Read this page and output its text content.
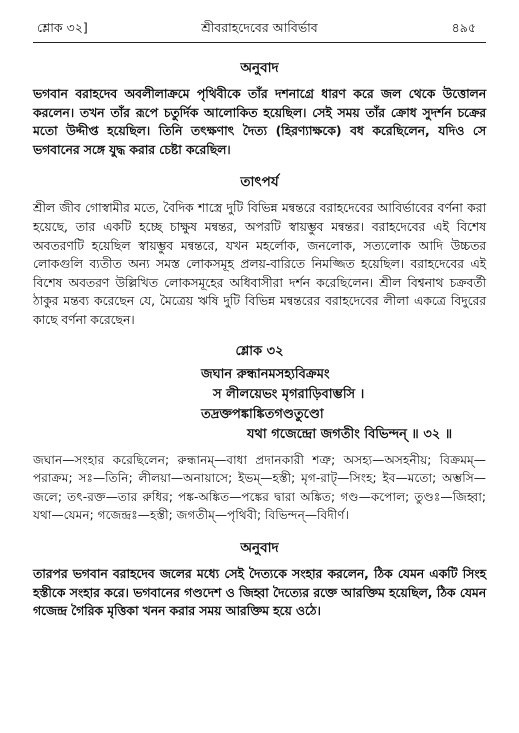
শ্লোক ৩২]	শ্রীবরাহদেবের আবির্ভাব	৪৯৫
অনুবাদ

ভগবান বরাহদেব অবলীলাক্রমে পৃথিবীকে তাঁর দশনাগ্রে ধারণ করে জল থেকে উত্তোলন করলেন। তখন তাঁর রূপে চতুর্দিক আলোকিত হয়েছিল। সেই সময় তাঁর ক্রোধ সুদর্শন চক্রের মতো উদ্দীপ্ত হয়েছিল। তিনি তৎক্ষণাৎ দৈত্য (হিরণ্যাক্ষকে) বধ করেছিলেন, যদিও সে ভগবানের সঙ্গে যুদ্ধ করার চেষ্টা করেছিল।

তাৎপর্য

শ্রীল জীব গোস্বামীর মতে, বৈদিক শাস্ত্রে দুটি বিভিন্ন মন্বন্তরে বরাহদেবের আবির্ভাবের বর্ণনা করা হয়েছে, তার একটি হচ্ছে চাক্ষুষ মন্বন্তর, অপরটি স্বায়ম্ভুব মন্বন্তর। বরাহদেবের এই বিশেষ অবতরণটি হয়েছিল স্বায়ম্ভুব মন্বন্তরে, যখন মহর্লোক, জনলোক, সত্যলোক আদি উচ্চতর লোকগুলি ব্যতীত অন্য সমস্ত লোকসমূহ প্রলয়-বারিতে নিমজ্জিত হয়েছিল। বরাহদেবের এই বিশেষ অবতরণ উল্লিখিত লোকসমূহের অধিবাসীরা দর্শন করেছিলেন। শ্রীল বিশ্বনাথ চক্রবর্তী ঠাকুর মন্তব্য করেছেন যে, মৈত্রেয় ঋষি দুটি বিভিন্ন মন্বন্তরের বরাহদেবের লীলা একত্রে বিদুরের কাছে বর্ণনা করেছেন।

শ্লোক ৩২

জঘান রুন্ধানমসহ্যবিক্রমং

স লীলয়েভং মৃগরাড়িবাম্ভসি ।

তদ্রক্তপঙ্কাঙ্কিতগণ্ডতুণ্ডো

যথা গজেন্দ্রো জগতীং বিভিন্দন্ ॥ ৩২ ॥

জঘান—সংহার করেছিলেন; রুন্ধানম্—বাধা প্রদানকারী শত্রু; অসহ্য—অসহনীয়; বিক্রমম্—পরাক্রম; সঃ—তিনি; লীলয়া—অনায়াসে; ইভম্—হস্তী; মৃগ-রাট্—সিংহ; ইব—মতো; অম্ভসি—জলে; তৎ-রক্ত—তার রুধির; পঙ্ক-অঙ্কিত—পঙ্কের দ্বারা অঙ্কিত; গণ্ড—কপোল; তুণ্ডঃ—জিহ্বা; যথা—যেমন; গজেন্দ্রঃ—হস্তী; জগতীম্—পৃথিবী; বিভিন্দন্—বিদীর্ণ।

অনুবাদ

তারপর ভগবান বরাহদেব জলের মধ্যে সেই দৈত্যকে সংহার করলেন, ঠিক যেমন একটি সিংহ হস্তীকে সংহার করে। ভগবানের গণ্ডদেশ ও জিহ্বা দৈত্যের রক্তে আরক্তিম হয়েছিল, ঠিক যেমন গজেন্দ্র গৈরিক মৃত্তিকা খনন করার সময় আরক্তিম হয়ে ওঠে।
